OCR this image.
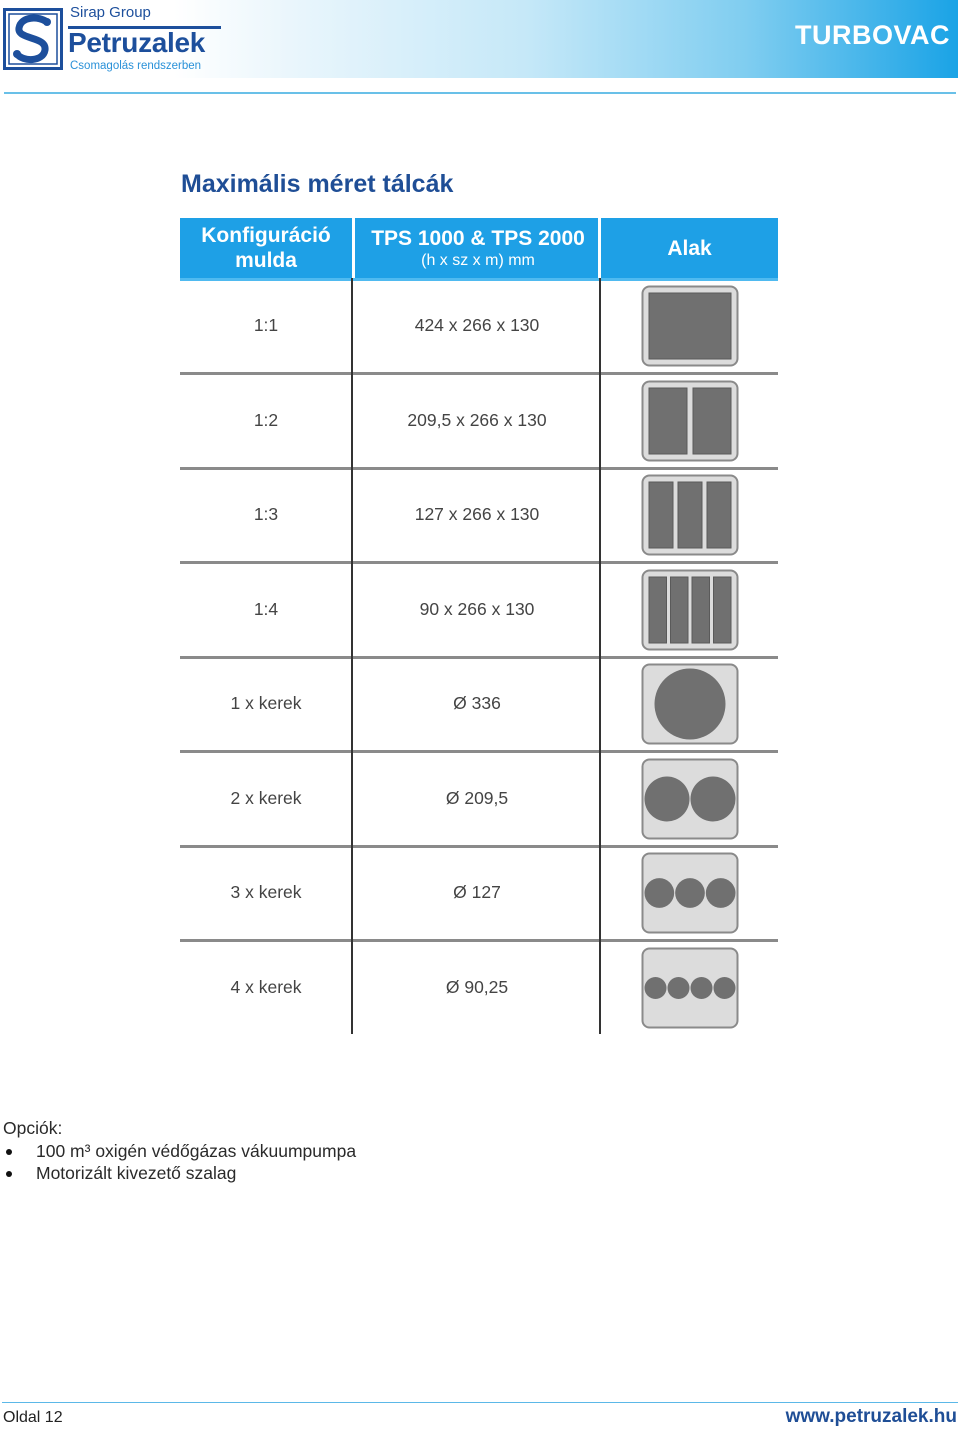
Sirap Group
Petruzalek
Csomagolás rendszerben
TURBOVAC
Maximális méret tálcák
Konfiguráció
mulda
TPS 1000 & TPS 2000
(h x sz x m) mm
Alak
1:1	424 x 266 x 130
1:2	209,5 x 266 x 130
1:3	127 x 266 x 130
1:4	90 x 266 x 130
1 x kerek	Ø 336
2 x kerek	Ø 209,5
3 x kerek	Ø 127
4 x kerek	Ø 90,25
Opciók:
100 m³ oxigén védőgázas vákuumpumpa
Motorizált kivezető szalag
Oldal 12	www.petruzalek.hu
